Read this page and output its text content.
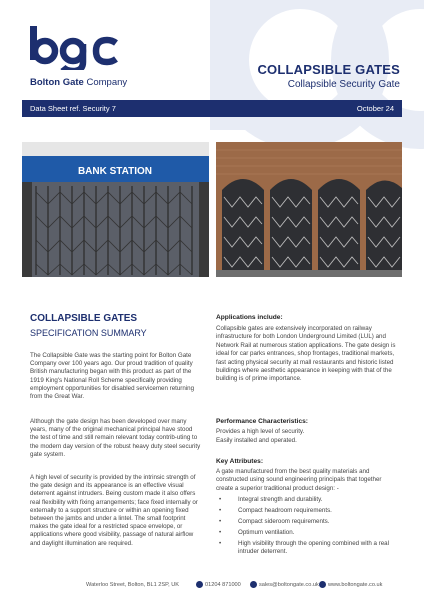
Bolton Gate Company
COLLAPSIBLE GATES
Collapsible Security Gate
Data Sheet ref. Security 7	October 24
BANK STATION
COLLAPSIBLE GATES
SPECIFICATION SUMMARY

The Collapsible Gate was the starting point for Bolton Gate Company over 100 years ago. Our proud tradition of quality British manufacturing began with this product as part of the 1919 King's National Roll Scheme specifically providing employment opportunities for disabled servicemen returning from the Great War.

Although the gate design has been developed over many years, many of the original mechanical principal have stood the test of time and still remain relevant today contrib-uting to the modern day version of the robust heavy duty steel security gate system.

A high level of security is provided by the intrinsic strength of the gate design and its appearance is an effective visual deterrent against intruders. Being custom made it also offers real flexibility with fixing arrangements; face fixed internally or externally to a support structure or within an opening fixed between the jambs and under a lintel. The small footprint makes the gate ideal for a restricted space envelope, or applications where good visibility, passage of natural airflow and daylight illumination are required.

Applications include:

Collapsible gates are extensively incorporated on railway infrastructure for both London Underground Limited (LUL) and Network Rail at numerous station applications. The gate design is ideal for car parks entrances, shop frontages, traditional markets, fast acting physical security at mall restaurants and historic listed buildings where aesthetic appearance in keeping with that of the building is of prime importance.

Performance Characteristics:

Provides a high level of security.

Easily installed and operated.

Key Attributes:

A gate manufactured from the best quality materials and constructed using sound engineering principals that together create a superior traditional product design: -

•	Integral strength and durability.
•	Compact headroom requirements.
•	Compact sideroom requirements.
•	Optimum ventilation.
•	High visibility through the opening combined with a real intruder deterrent.
Waterloo Street, Bolton, BL1 2SP, UK	01204 871000	sales@boltongate.co.uk www.boltongate.co.uk
